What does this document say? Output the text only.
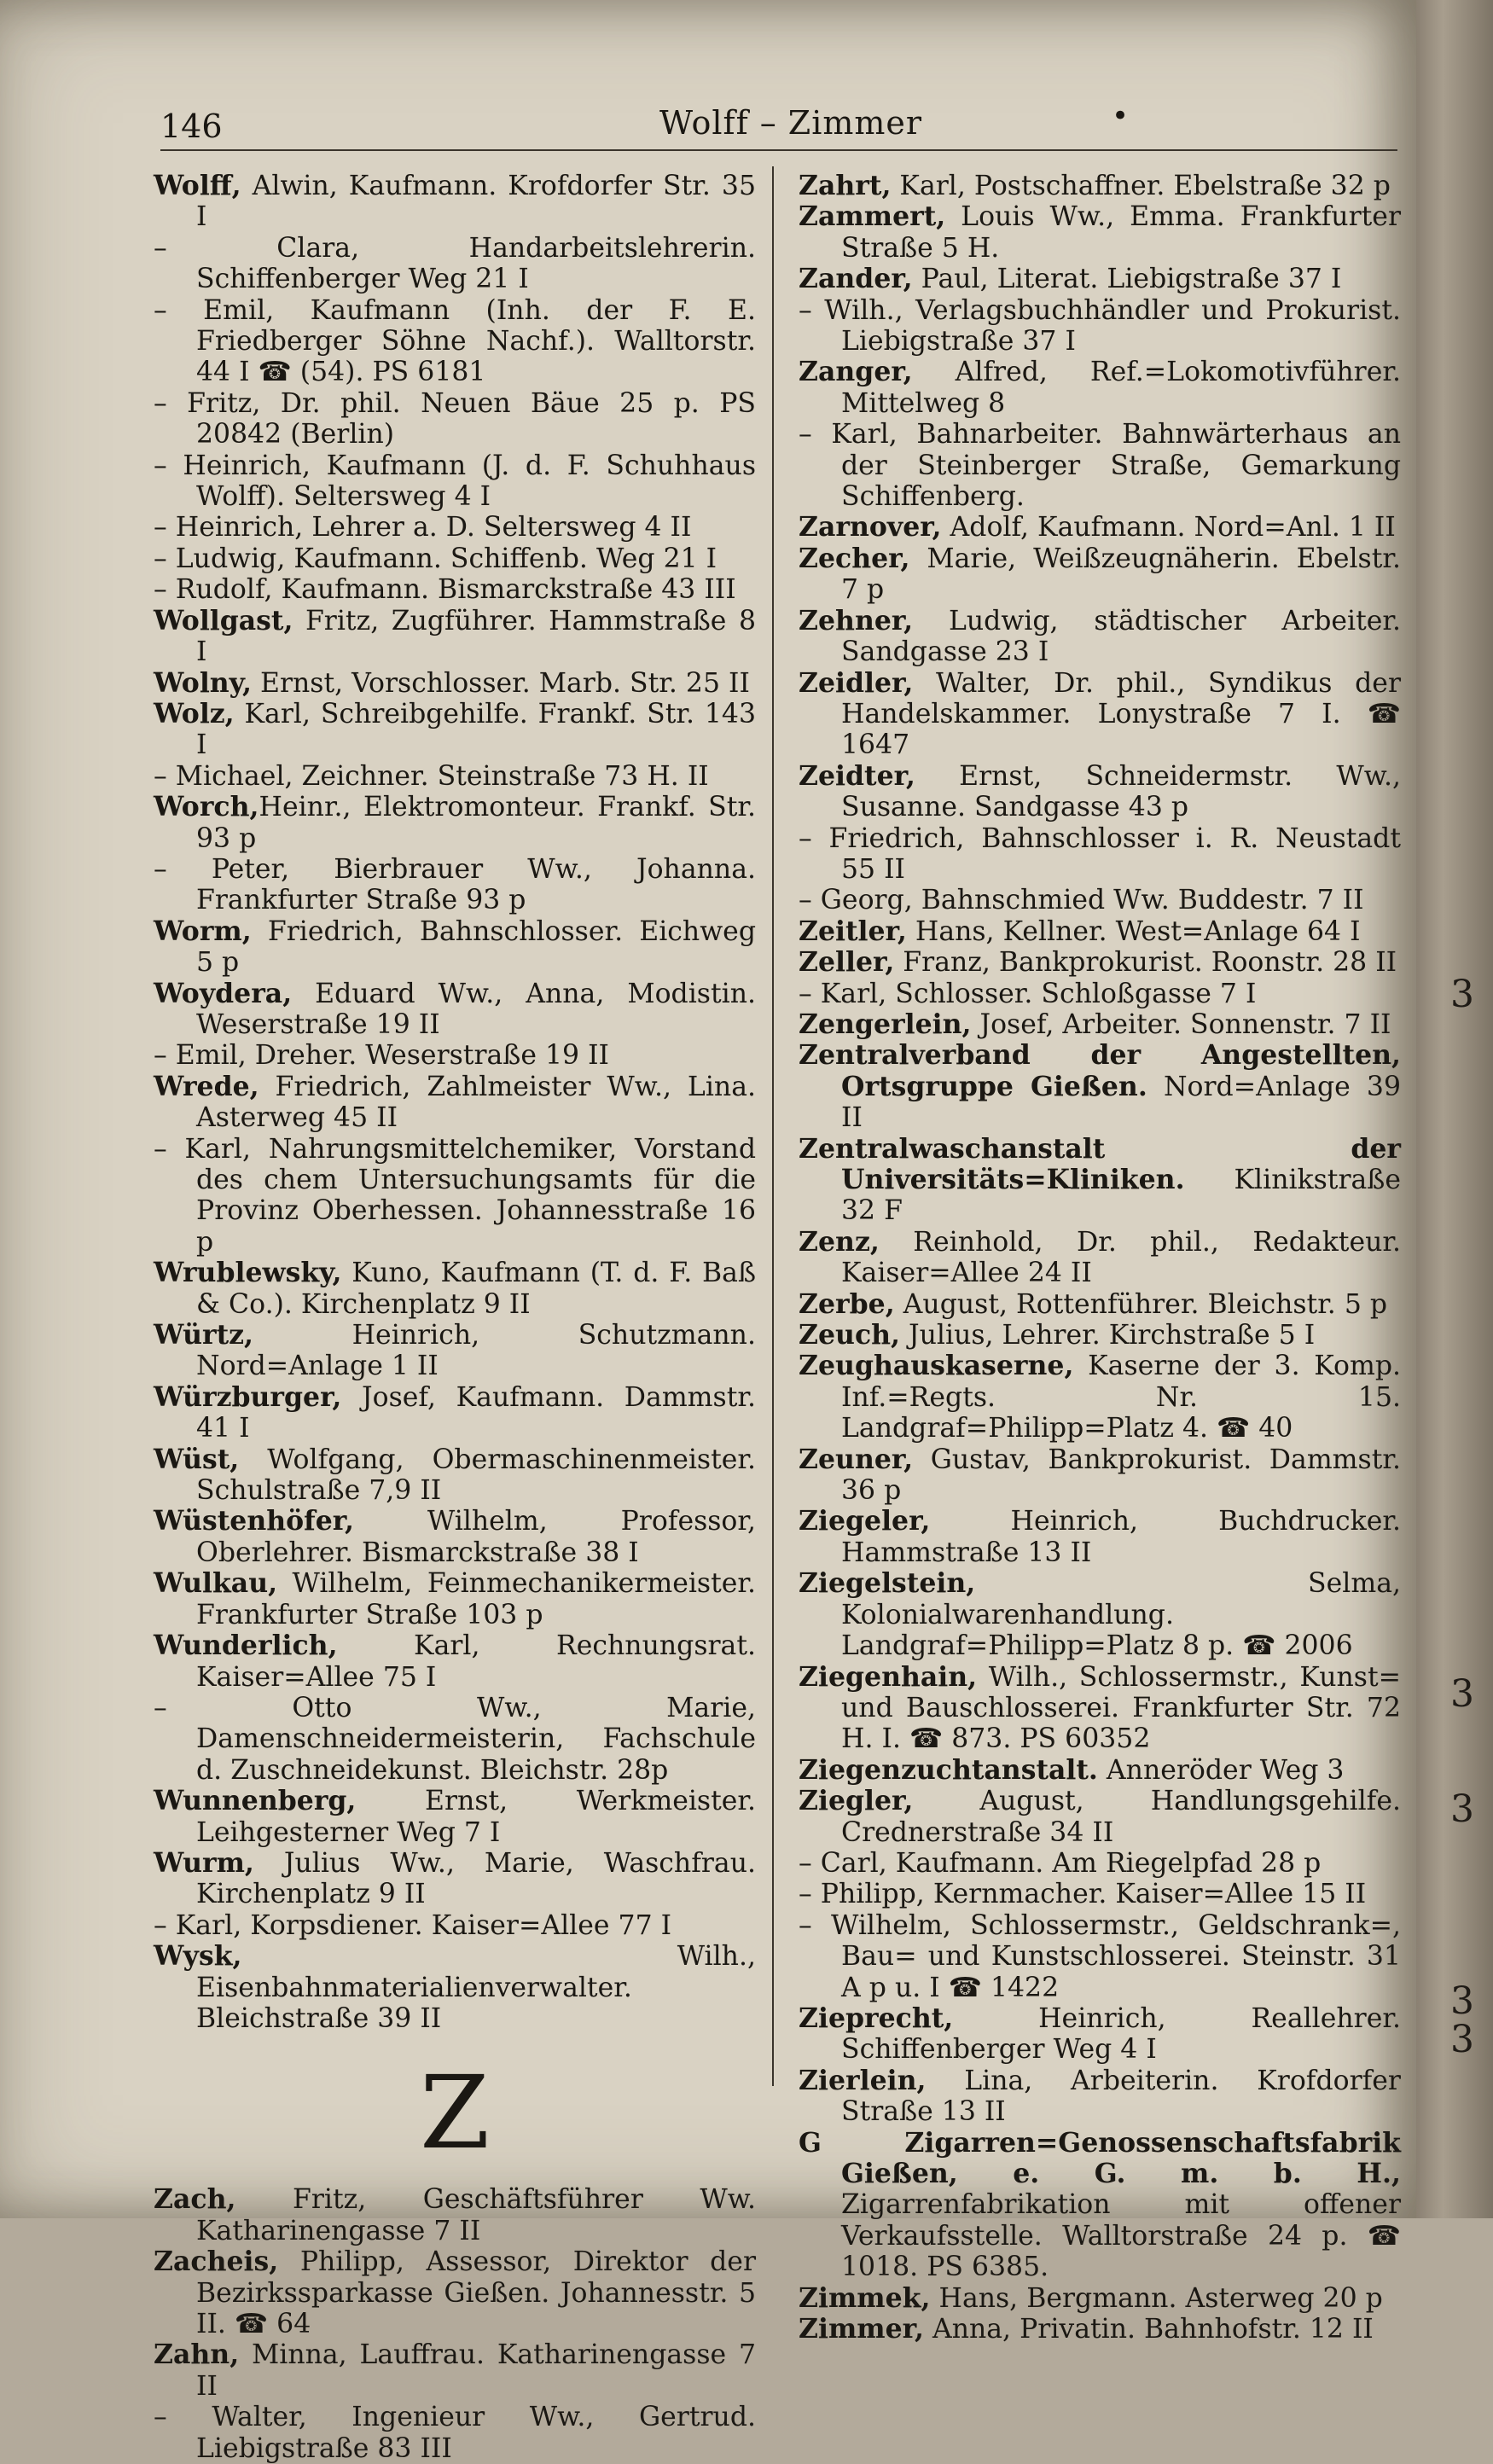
3
3
3
3
3
146	Wolff – Zimmer	•
Wolff, Alwin, Kaufmann. Krofdorfer Str. 35 I
– Clara, Handarbeitslehrerin. Schiffenberger Weg 21 I
– Emil, Kaufmann (Inh. der F. E. Friedberger Söhne Nachf.). Walltorstr. 44 I ☎ (54). PS 6181
– Fritz, Dr. phil. Neuen Bäue 25 p. PS 20842 (Berlin)
– Heinrich, Kaufmann (J. d. F. Schuhhaus Wolff). Seltersweg 4 I
– Heinrich, Lehrer a. D. Seltersweg 4 II
– Ludwig, Kaufmann. Schiffenb. Weg 21 I
– Rudolf, Kaufmann. Bismarckstraße 43 III
Wollgast, Fritz, Zugführer. Hammstraße 8 I
Wolny, Ernst, Vorschlosser. Marb. Str. 25 II
Wolz, Karl, Schreibgehilfe. Frankf. Str. 143 I
– Michael, Zeichner. Steinstraße 73 H. II
Worch,Heinr., Elektromonteur. Frankf. Str. 93 p
– Peter, Bierbrauer Ww., Johanna. Frankfurter Straße 93 p
Worm, Friedrich, Bahnschlosser. Eichweg 5 p
Woydera, Eduard Ww., Anna, Modistin. Weserstraße 19 II
– Emil, Dreher. Weserstraße 19 II
Wrede, Friedrich, Zahlmeister Ww., Lina. Asterweg 45 II
– Karl, Nahrungsmittelchemiker, Vorstand des chem Untersuchungsamts für die Provinz Oberhessen. Johannesstraße 16 p
Wrublewsky, Kuno, Kaufmann (T. d. F. Baß & Co.). Kirchenplatz 9 II
Würtz, Heinrich, Schutzmann. Nord=Anlage 1 II
Würzburger, Josef, Kaufmann. Dammstr. 41 I
Wüst, Wolfgang, Obermaschinenmeister. Schulstraße 7,9 II
Wüstenhöfer, Wilhelm, Professor, Oberlehrer. Bismarckstraße 38 I
Wulkau, Wilhelm, Feinmechanikermeister. Frankfurter Straße 103 p
Wunderlich, Karl, Rechnungsrat. Kaiser=Allee 75 I
– Otto Ww., Marie, Damenschneidermeisterin, Fachschule d. Zuschneidekunst. Bleichstr. 28p
Wunnenberg, Ernst, Werkmeister. Leihgesterner Weg 7 I
Wurm, Julius Ww., Marie, Waschfrau. Kirchenplatz 9 II
– Karl, Korpsdiener. Kaiser=Allee 77 I
Wysk, Wilh., Eisenbahnmaterialienverwalter. Bleichstraße 39 II
Z
Zach, Fritz, Geschäftsführer Ww. Katharinengasse 7 II
Zacheis, Philipp, Assessor, Direktor der Bezirkssparkasse Gießen. Johannesstr. 5 II. ☎ 64
Zahn, Minna, Lauffrau. Katharinengasse 7 II
– Walter, Ingenieur Ww., Gertrud. Liebigstraße 83 III
Zahrt, Karl, Postschaffner. Ebelstraße 32 p
Zammert, Louis Ww., Emma. Frankfurter Straße 5 H.
Zander, Paul, Literat. Liebigstraße 37 I
– Wilh., Verlagsbuchhändler und Prokurist. Liebigstraße 37 I
Zanger, Alfred, Ref.=Lokomotivführer. Mittelweg 8
– Karl, Bahnarbeiter. Bahnwärterhaus an der Steinberger Straße, Gemarkung Schiffenberg.
Zarnover, Adolf, Kaufmann. Nord=Anl. 1 II
Zecher, Marie, Weißzeugnäherin. Ebelstr. 7 p
Zehner, Ludwig, städtischer Arbeiter. Sandgasse 23 I
Zeidler, Walter, Dr. phil., Syndikus der Handelskammer. Lonystraße 7 I. ☎ 1647
Zeidter, Ernst, Schneidermstr. Ww., Susanne. Sandgasse 43 p
– Friedrich, Bahnschlosser i. R. Neustadt 55 II
– Georg, Bahnschmied Ww. Buddestr. 7 II
Zeitler, Hans, Kellner. West=Anlage 64 I
Zeller, Franz, Bankprokurist. Roonstr. 28 II
– Karl, Schlosser. Schloßgasse 7 I
Zengerlein, Josef, Arbeiter. Sonnenstr. 7 II
Zentralverband der Angestellten, Ortsgruppe Gießen. Nord=Anlage 39 II
Zentralwaschanstalt der Universitäts=Kliniken. Klinikstraße 32 F
Zenz, Reinhold, Dr. phil., Redakteur. Kaiser=Allee 24 II
Zerbe, August, Rottenführer. Bleichstr. 5 p
Zeuch, Julius, Lehrer. Kirchstraße 5 I
Zeughauskaserne, Kaserne der 3. Komp. Inf.=Regts. Nr. 15. Landgraf=Philipp=Platz 4. ☎ 40
Zeuner, Gustav, Bankprokurist. Dammstr. 36 p
Ziegeler, Heinrich, Buchdrucker. Hammstraße 13 II
Ziegelstein, Selma, Kolonialwarenhandlung. Landgraf=Philipp=Platz 8 p. ☎ 2006
Ziegenhain, Wilh., Schlossermstr., Kunst= und Bauschlosserei. Frankfurter Str. 72 H. I. ☎ 873. PS 60352
Ziegenzuchtanstalt. Anneröder Weg 3
Ziegler, August, Handlungsgehilfe. Crednerstraße 34 II
– Carl, Kaufmann. Am Riegelpfad 28 p
– Philipp, Kernmacher. Kaiser=Allee 15 II
– Wilhelm, Schlossermstr., Geldschrank=, Bau= und Kunstschlosserei. Steinstr. 31 A p u. I ☎ 1422
Zieprecht, Heinrich, Reallehrer. Schiffenberger Weg 4 I
Zierlein, Lina, Arbeiterin. Krofdorfer Straße 13 II
G Zigarren=Genossenschaftsfabrik Gießen, e. G. m. b. H., Zigarrenfabrikation mit offener Verkaufsstelle. Walltorstraße 24 p. ☎ 1018. PS 6385.
Zimmek, Hans, Bergmann. Asterweg 20 p
Zimmer, Anna, Privatin. Bahnhofstr. 12 II
